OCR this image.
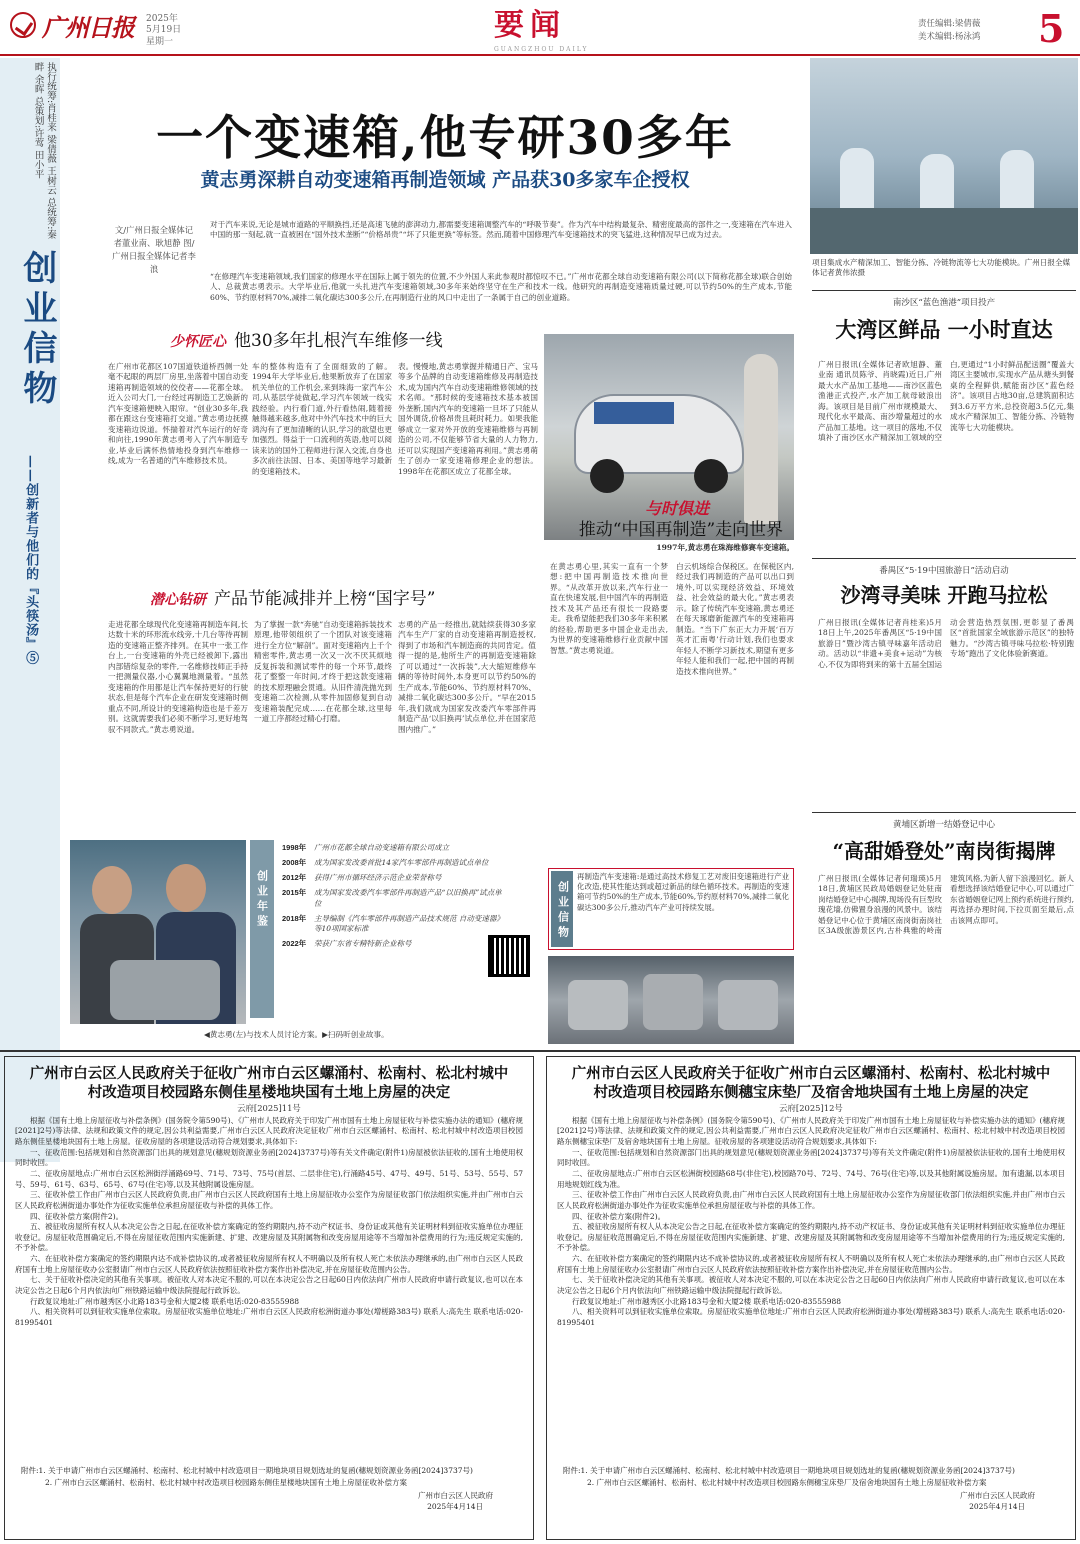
广州日报 2025年
5月19日
星期一	要闻
GUANGZHOU DAILY
责任编辑:梁倩薇
美术编辑:杨泳鸿 5
执行统筹:肖桂来 梁倩薇 王树云 总统筹:秦畔 余晖 总策划:许莺 田小平
创业信物
——创新者与他们的『头筷汤』⑤
一个变速箱,他专研30多年
黄志勇深耕自动变速箱再制造领域 产品获30多家车企授权
文/广州日报全媒体记者董业南、耿旭静 图/广州日报全媒体记者李浪
对于汽车来说,无论是城市道路的平顺换挡,还是高速飞驰的澎湃动力,都需要变速箱调整汽车的“呼吸节奏”。作为汽车中结构最复杂、精密度最高的部件之一,变速箱在汽车进入中国的那一刻起,就一直被困在“国外技术垄断”“价格昂贵”“坏了只能更换”等标签。然而,随着中国修理汽车变速箱技术的突飞猛进,这种情况早已成为过去。
“在修理汽车变速箱领域,我们国家的修理水平在国际上属于领先的位置,不少外国人来此参观时都惊叹不已。”广州市花都全球自动变速箱有限公司(以下简称花都全球)联合创始人、总裁黄志勇表示。大学毕业后,他就一头扎进汽车变速箱领域,30多年来始终坚守在生产和技术一线。他研究的再制造变速箱质量过硬,可以节约50%的生产成本,节能60%、节约原材料70%,减排二氧化碳达300多公斤,在再制造行业的风口中走出了一条属于自己的创业道路。
少怀匠心 他30多年扎根汽车维修一线
在广州市花都区107国道铁道桥西侧一处毫不起眼的两层厂房里,坐落着中国自动变速箱再制造领域的佼佼者——花都全球。近入公司大门,一台经过再制造工艺焕新的汽车变速箱便映入眼帘。“创业30多年,我都在跟这台变速箱打交道。”黄志勇边抚摸变速箱边说道。怀揣着对汽车运行的好奇和向往,1990年黄志勇考入了汽车制造专业,毕业后满怀热情地投身到汽车维修一线,成为一名普通的汽车维修技术员。
车的整体构造有了全面细致的了解。1994年大学毕业后,他果断放弃了在国家机关单位的工作机会,来到珠海一家汽车公司,从基层学徒做起,学习汽车领域一线实践经验。内行看门道,外行看热闹,随着接触得越来越多,他对中外汽车技术中的巨大鸿沟有了更加清晰的认识,学习的欲望也更加强烈。得益于一口流利的英语,他可以阅读来访的国外工程师进行深入交流,自身也多次前往法国、日本、美国等地学习最新的变速箱技术。
表。慢慢地,黄志勇掌握并精通日产、宝马等多个品牌的自动变速箱维修及再制造技术,成为国内汽车自动变速箱维修领域的技术名师。“那时候的变速箱技术基本被国外垄断,国内汽车的变速箱一旦坏了只能从国外调货,价格昂贵且耗时耗力。如果我能够成立一家对外开放的变速箱维修与再制造的公司,不仅能够节省大量的人力物力,还可以实现国产变速箱再利用。”黄志勇萌生了创办一家变速箱修理企业的想法。1998年在花都区成立了花都全球。
1997年,黄志勇在珠海维修赛车变速箱。
潜心钻研 产品节能减排并上榜“国字号”
走进花都全球现代化变速箱再制造车间,长达数十米的环形流水线旁,十几台等待再制造的变速箱正整齐排列。在其中一张工作台上,一台变速箱的外壳已经被卸下,露出内部错综复杂的零件,一名维修技师正手持一把测量仪器,小心翼翼地测量着。“虽然变速箱的作用都是让汽车保持更好的行驶状态,但是每个汽车企业在研发变速箱时侧重点不同,所设计的变速箱构造也是千差万别。这就需要我们必须不断学习,更好地驾驭不同款式。”黄志勇说道。
为了掌握一款“奔驰”自动变速箱拆装技术原理,他带领组织了一个团队对该变速箱进行全方位“解剖”。面对变速箱内上千个精密零件,黄志勇一次又一次不厌其烦地反复拆装和测试零件的每一个环节,最终花了整整一年时间,才终于把这款变速箱的技术原理融会贯通。从旧件清洗抛光到变速箱二次检测,从零件加固修复到自动变速箱装配完成……在花都全球,这里每一道工序都经过精心打磨。
志勇的产品一经推出,就陆续获得30多家汽车生产厂家的自动变速箱再制造授权,得到了市场和汽车制造商的共同肯定。值得一提的是,他所生产的再制造变速箱除了可以通过“一次拆装”,大大缩短维修车辆的等待时间外,本身更可以节约50%的生产成本,节能60%、节约原材料70%、减排二氧化碳达300多公斤。“早在2015年,我们就成为国家发改委汽车零部件再制造产品‘以旧换再’试点单位,并在国家范围内推广。”
与时俱进
推动“中国再制造”走向世界
在黄志勇心里,其实一直有一个梦想:把中国再制造技术推向世界。“从改革开放以来,汽车行业一直在快速发展,但中国汽车的再制造技术及其产品还有很长一段路要走。我希望能把我们30多年来积累的经验,帮助更多中国企业走出去,为世界的变速箱维修行业贡献中国智慧。”黄志勇说道。
白云机场综合保税区。在保税区内,经过我们再制造的产品可以出口到境外,可以实现经济效益、环境效益、社会效益的最大化。”黄志勇表示。除了传统汽车变速箱,黄志勇还在每天琢磨新能源汽车的变速箱再制造。“当下广东正大力开展‘百万英才汇南粤’行动计划,我们也要求年轻人不断学习新技术,期望有更多年轻人能和我们一起,把中国的再制造技术推向世界。”
◀黄志勇(左)与技术人员讨论方案。▶扫码听创业故事。
创业年鉴
1998年	广州市花都全球自动变速箱有限公司成立
2008年	成为国家发改委首批14家汽车零部件再制造试点单位
2012年	获得广州市循环经济示范企业荣誉称号
2015年	成为国家发改委汽车零部件再制造产品“以旧换再”试点单位
2018年	主导编制《汽车零部件再制造产品技术规范 自动变速器》等10项国家标准
2022年	荣获广东省专精特新企业称号
创业信物
再制造汽车变速箱:是通过高技术修复工艺对废旧变速箱进行产业化改造,使其性能达到或超过新品的绿色循环技术。再制造的变速箱可节约50%的生产成本,节能60%,节约原材料70%,减排二氧化碳达300多公斤,推动汽车产业可持续发展。
项目集成水产精深加工、智能分拣、冷链物流等七大功能模块。广州日报全媒体记者黄伟浓摄
南沙区“蓝色渔港”项目投产
大湾区鲜品 一小时直达
广州日报讯(全媒体记者欧旭静、董业南 通讯员陈爷、肖晓霞)近日,广州最大水产品加工基地——南沙区蓝色渔港正式投产,水产加工航母破浪出海。该项目是目前广州市规模最大、现代化水平最高、南沙增量超过的水产品加工基地。这一项目的落地,不仅填补了南沙区水产精深加工领域的空白,更通过“1小时鲜品配送圈”覆盖大湾区主要城市,实现水产品从塘头到餐桌的全程鲜供,赋能南沙区“蓝色经济”。该项目占地30亩,总建筑面积达到3.6万平方米,总投资超3.5亿元,集成水产精深加工、智能分拣、冷链物流等七大功能模块。
番禺区“5·19中国旅游日”活动启动
沙湾寻美味 开跑马拉松
广州日报讯(全媒体记者肖桂来)5月18日上午,2025年番禺区“5·19中国旅游日”暨沙湾古镇寻味嘉年活动启动。活动以“非遗+美食+运动”为核心,不仅为即将到来的第十五届全国运动会营造热烈氛围,更彰显了番禺区“首批国家全域旅游示范区”的独特魅力。“沙湾古镇寻味马拉松·特别跑专场”跑出了文化体验新赛道。
黄埔区新增一结婚登记中心
“高甜婚登处”南岗街揭牌
广州日报讯(全媒体记者何瑞瑛)5月18日,黄埔区民政局婚姻登记处驻南岗结婚登记中心揭牌,现场没有巨型玫瑰花墙,仿佛置身浪漫的风景中。该结婚登记中心位于黄埔区南岗街南岗社区3A级旅游景区内,古朴典雅的岭南建筑风格,为新人留下浪漫回忆。新人看想选择该结婚登记中心,可以通过广东省婚姻登记网上预约系统进行预约,再选择办理时间,下拉页面至最后,点击该网点即可。
广州市白云区人民政府关于征收广州市白云区螺涌村、松南村、松北村城中村改造项目校园路东侧佳星楼地块国有土地上房屋的决定
云府[2025]11号

根据《国有土地上房屋征收与补偿条例》(国务院令第590号)、《广州市人民政府关于印发广州市国有土地上房屋征收与补偿实施办法的通知》(穗府规[2021]2号)等法律、法规和政策文件的规定,因公共利益需要,广州市白云区人民政府决定征收广州市白云区螺涌村、松南村、松北村城中村改造项目校园路东侧佳星楼地块国有土地上房屋。征收房屋的各项建设活动符合规划要求,具体如下:

一、征收范围:包括规划和自然资源部门出具的规划意见(穗规划资源业务函[2024]3737号)等有关文件确定(附件1)房屋被依法征收的,国有土地使用权同时收回。

二、征收房屋地点:广州市白云区松洲街浮涌路69号、71号、73号、75号(首层、二层非住宅),行涌路45号、47号、49号、51号、53号、55号、57号、59号、61号、63号、65号、67号(住宅)等,以及其他附属设施房屋。

三、征收补偿工作由广州市白云区人民政府负责,由广州市白云区人民政府国有土地上房屋征收办公室作为房屋征收部门依法组织实施,并由广州市白云区人民政府松洲街道办事处作为征收实施单位承担房屋征收与补偿的具体工作。

四、征收补偿方案(附件2)。

五、被征收房屋所有权人从本决定公告之日起,在征收补偿方案确定的签约期限内,持不动产权证书、身份证或其他有关证明材料到征收实施单位办理征收登记。房屋征收范围确定后,不得在房屋征收范围内实施新建、扩建、改建房屋及其附属物和改变房屋用途等不当增加补偿费用的行为;违反规定实施的,不予补偿。

六、在征收补偿方案确定的签约期限内达不成补偿协议的,或者被征收房屋所有权人不明确以及所有权人死亡未依法办理继承的,由广州市白云区人民政府国有土地上房屋征收办公室报请广州市白云区人民政府依法按照征收补偿方案作出补偿决定,并在房屋征收范围内公告。

七、关于征收补偿决定的其他有关事项。被征收人对本决定不服的,可以在本决定公告之日起60日内依法向广州市人民政府申请行政复议,也可以在本决定公告之日起6个月内依法向广州铁路运输中级法院提起行政诉讼。

行政复议地址:广州市越秀区小北路183号金和大厦2楼 联系电话:020-83555988

八、相关资料可以到征收实施单位索取。房屋征收实施单位地址:广州市白云区人民政府松洲街道办事处(增槎路383号) 联系人:高先生 联系电话:020-81995401

附件:1. 关于申请广州市白云区螺涌村、松南村、松北村城中村改造项目一期地块项目规划选址的复函(穗规划资源业务函[2024]3737号)
2. 广州市白云区螺涌村、松南村、松北村城中村改造项目校园路东侧佳星楼地块国有土地上房屋征收补偿方案
广州市白云区人民政府
2025年4月14日
广州市白云区人民政府关于征收广州市白云区螺涌村、松南村、松北村城中村改造项目校园路东侧穗宝床垫厂及宿舍地块国有土地上房屋的决定
云府[2025]12号

根据《国有土地上房屋征收与补偿条例》(国务院令第590号)、《广州市人民政府关于印发广州市国有土地上房屋征收与补偿实施办法的通知》(穗府规[2021]2号)等法律、法规和政策文件的规定,因公共利益需要,广州市白云区人民政府决定征收广州市白云区螺涌村、松南村、松北村城中村改造项目校园路东侧穗宝床垫厂及宿舍地块国有土地上房屋。征收房屋的各项建设活动符合规划要求,具体如下:

一、征收范围:包括规划和自然资源部门出具的规划意见(穗规划资源业务函[2024]3737号)等有关文件确定(附件1)房屋被依法征收的,国有土地使用权同时收回。

二、征收房屋地点:广州市白云区松洲街校园路68号(非住宅),校园路70号、72号、74号、76号(住宅)等,以及其他附属设施房屋。加有遗漏,以本项目用地规划红线为准。

三、征收补偿工作由广州市白云区人民政府负责,由广州市白云区人民政府国有土地上房屋征收办公室作为房屋征收部门依法组织实施,并由广州市白云区人民政府松洲街道办事处作为征收实施单位承担房屋征收与补偿的具体工作。

四、征收补偿方案(附件2)。

五、被征收房屋所有权人从本决定公告之日起,在征收补偿方案确定的签约期限内,持不动产权证书、身份证或其他有关证明材料到征收实施单位办理征收登记。房屋征收范围确定后,不得在房屋征收范围内实施新建、扩建、改建房屋及其附属物和改变房屋用途等不当增加补偿费用的行为;违反规定实施的,不予补偿。

六、在征收补偿方案确定的签约期限内达不成补偿协议的,或者被征收房屋所有权人不明确以及所有权人死亡未依法办理继承的,由广州市白云区人民政府国有土地上房屋征收办公室报请广州市白云区人民政府依法按照征收补偿方案作出补偿决定,并在房屋征收范围内公告。

七、关于征收补偿决定的其他有关事项。被征收人对本决定不服的,可以在本决定公告之日起60日内依法向广州市人民政府申请行政复议,也可以在本决定公告之日起6个月内依法向广州铁路运输中级法院提起行政诉讼。

行政复议地址:广州市越秀区小北路183号金和大厦2楼 联系电话:020-83555988

八、相关资料可以到征收实施单位索取。房屋征收实施单位地址:广州市白云区人民政府松洲街道办事处(增槎路383号) 联系人:高先生 联系电话:020-81995401

附件:1. 关于申请广州市白云区螺涌村、松南村、松北村城中村改造项目一期地块项目规划选址的复函(穗规划资源业务函[2024]3737号)
2. 广州市白云区螺涌村、松南村、松北村城中村改造项目校园路东侧穗宝床垫厂及宿舍地块国有土地上房屋征收补偿方案
广州市白云区人民政府
2025年4月14日
